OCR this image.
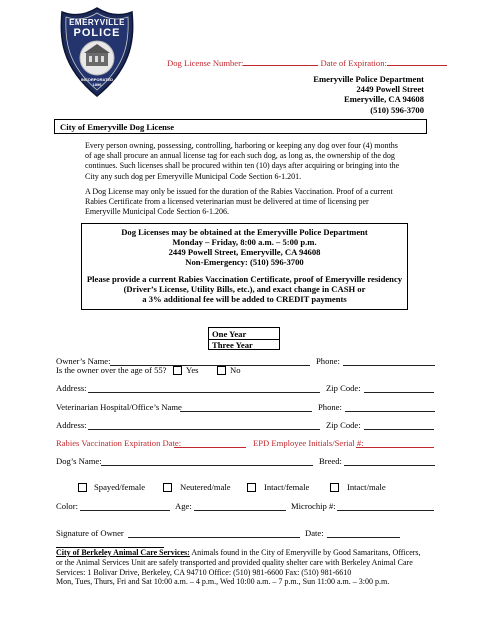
EMERYVILLE
POLICE
INCORPORATED
1896
Dog License Number:	Date of Expiration:
Emeryville Police Department
2449 Powell Street
Emeryville, CA 94608
(510) 596-3700
City of Emeryville Dog License
Every person owning, possessing, controlling, harboring or keeping any dog over four (4) months of age shall procure an annual license tag for each such dog, as long as, the ownership of the dog continues. Such licenses shall be procured within ten (10) days after acquiring or bringing into the City any such dog per Emeryville Municipal Code Section 6-1.201.
A Dog License may only be issued for the duration of the Rabies Vaccination. Proof of a current Rabies Certificate from a licensed veterinarian must be delivered at time of licensing per Emeryville Municipal Code Section 6-1.206.
Dog Licenses may be obtained at the Emeryville Police Department
Monday – Friday, 8:00 a.m. – 5:00 p.m.
2449 Powell Street, Emeryville, CA 94608
Non-Emergency: (510) 596-3700
Please provide a current Rabies Vaccination Certificate, proof of Emeryville residency
(Driver’s License, Utility Bills, etc.), and exact change in CASH or
a 3% additional fee will be added to CREDIT payments
One Year
Three Year
Owner’s Name:	Phone:
Is the owner over the age of 55? Yes	No
Address:	Zip Code:
Veterinarian Hospital/Office’s Name	Phone:
Address:	Zip Code:
Rabies Vaccination Expiration Date:	EPD Employee Initials/Serial #:
Dog’s Name:	Breed:
Spayed/female	Neutered/male	Intact/female	Intact/male
Color:	Age:	Microchip #:
Signature of Owner	Date:
City of Berkeley Animal Care Services: Animals found in the City of Emeryville by Good Samaritans, Officers,
or the Animal Services Unit are safely transported and provided quality shelter care with Berkeley Animal Care
Services: 1 Bolivar Drive, Berkeley, CA 94710 Office: (510) 981-6600 Fax: (510) 981-6610
Mon, Tues, Thurs, Fri and Sat 10:00 a.m. – 4 p.m., Wed 10:00 a.m. – 7 p.m., Sun 11:00 a.m. – 3:00 p.m.
